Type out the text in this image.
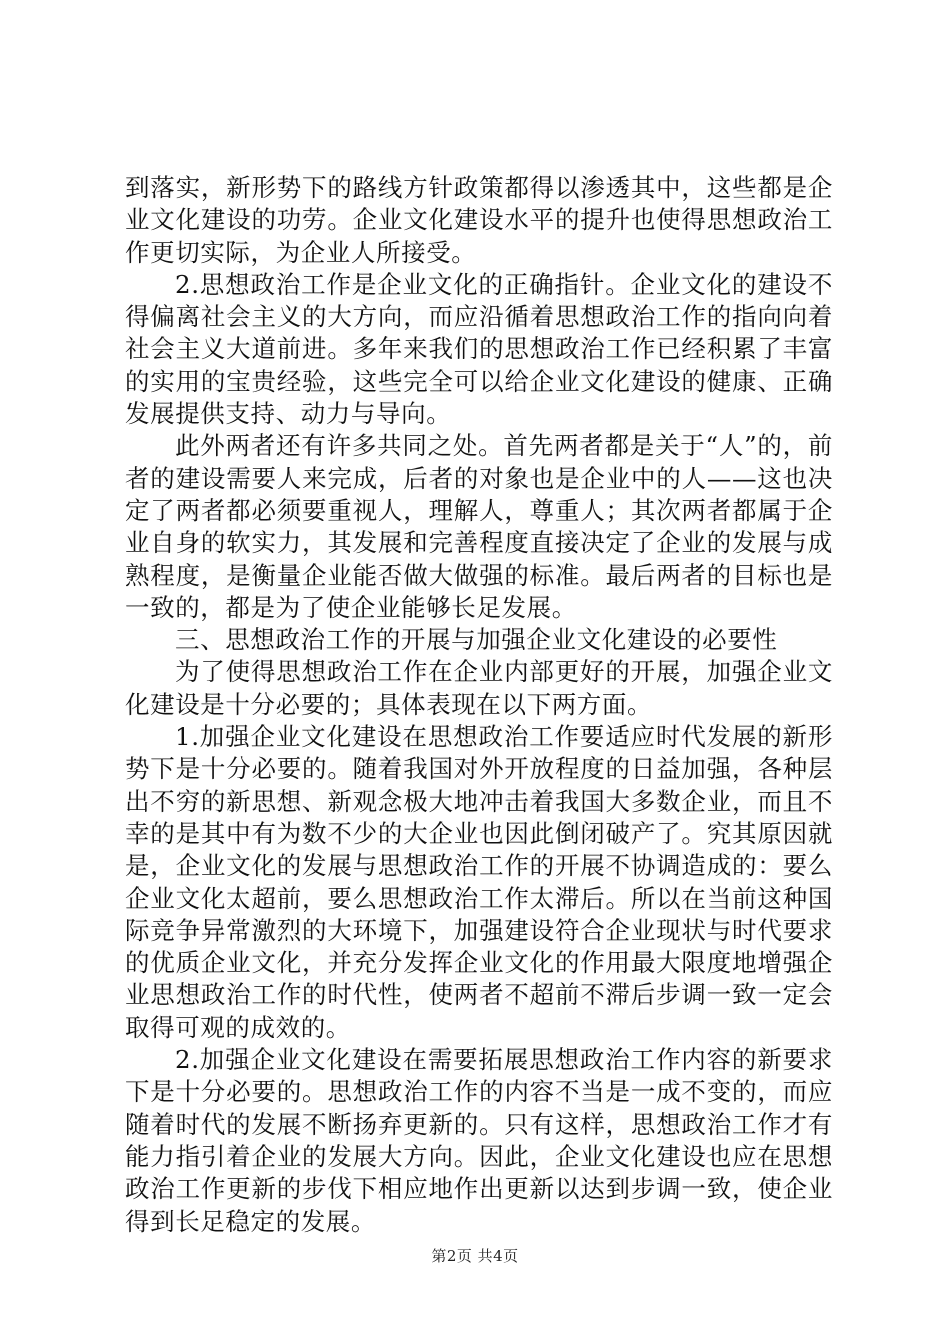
到落实，新形势下的路线方针政策都得以渗透其中，这些都是企业文化建设的功劳。企业文化建设水平的提升也使得思想政治工作更切实际，为企业人所接受。

2.思想政治工作是企业文化的正确指针。企业文化的建设不得偏离社会主义的大方向，而应沿循着思想政治工作的指向向着社会主义大道前进。多年来我们的思想政治工作已经积累了丰富的实用的宝贵经验，这些完全可以给企业文化建设的健康、正确发展提供支持、动力与导向。

此外两者还有许多共同之处。首先两者都是关于“人”的，前者的建设需要人来完成，后者的对象也是企业中的人——这也决定了两者都必须要重视人，理解人，尊重人；其次两者都属于企业自身的软实力，其发展和完善程度直接决定了企业的发展与成熟程度，是衡量企业能否做大做强的标准。最后两者的目标也是一致的，都是为了使企业能够长足发展。

三、思想政治工作的开展与加强企业文化建设的必要性

为了使得思想政治工作在企业内部更好的开展，加强企业文化建设是十分必要的；具体表现在以下两方面。

1.加强企业文化建设在思想政治工作要适应时代发展的新形势下是十分必要的。随着我国对外开放程度的日益加强，各种层出不穷的新思想、新观念极大地冲击着我国大多数企业，而且不幸的是其中有为数不少的大企业也因此倒闭破产了。究其原因就是，企业文化的发展与思想政治工作的开展不协调造成的：要么企业文化太超前，要么思想政治工作太滞后。所以在当前这种国际竞争异常激烈的大环境下，加强建设符合企业现状与时代要求的优质企业文化，并充分发挥企业文化的作用最大限度地增强企业思想政治工作的时代性，使两者不超前不滞后步调一致一定会取得可观的成效的。

2.加强企业文化建设在需要拓展思想政治工作内容的新要求下是十分必要的。思想政治工作的内容不当是一成不变的，而应随着时代的发展不断扬弃更新的。只有这样，思想政治工作才有能力指引着企业的发展大方向。因此，企业文化建设也应在思想政治工作更新的步伐下相应地作出更新以达到步调一致，使企业得到长足稳定的发展。

第2页 共4页
